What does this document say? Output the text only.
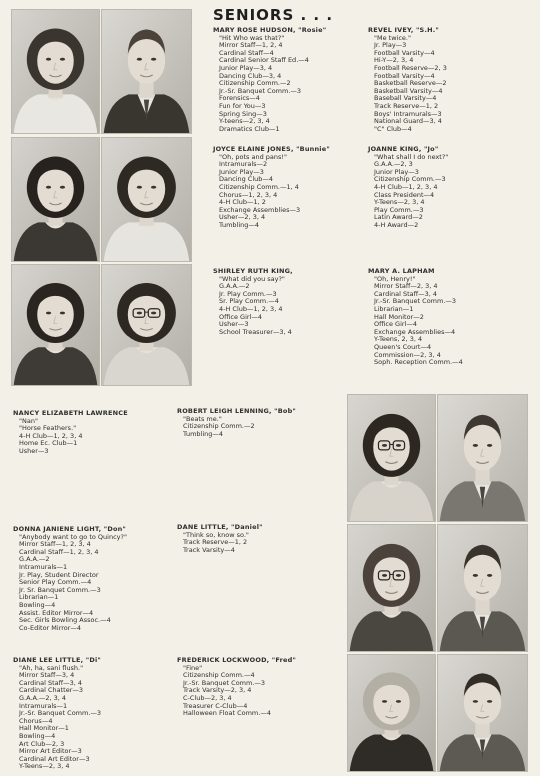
SENIORS . . .
MARY ROSE HUDSON, "Rosie"
"Hit Who was that?"
Mirror Staff—1, 2, 4
Cardinal Staff—4
Cardinal Senior Staff Ed.—4
Junior Play—3, 4
Dancing Club—3, 4
Citizenship Comm.—2
Jr.-Sr. Banquet Comm.—3
Forensics—4
Fun for You—3
Spring Sing—3
Y-teens—2, 3, 4
Dramatics Club—1
REVEL IVEY, "S.H."
"Me twice."
Jr. Play—3
Football Varsity—4
Hi-Y—2, 3, 4
Football Reserve—2, 3
Football Varsity—4
Basketball Reserve—2
Basketball Varsity—4
Baseball Varsity—4
Track Reserve—1, 2
Boys' Intramurals—3
National Guard—3, 4
"C" Club—4
JOYCE ELAINE JONES, "Bunnie"
"Oh, pots and pans!"
Intramurals—2
Junior Play—3
Dancing Club—4
Citizenship Comm.—1, 4
Chorus—1, 2, 3, 4
4-H Club—1, 2
Exchange Assemblies—3
Usher—2, 3, 4
Tumbling—4
JOANNE KING, "Jo"
"What shall I do next?"
G.A.A.—2, 3
Junior Play—3
Citizenship Comm.—3
4-H Club—1, 2, 3, 4
Class President—4
Y-Teens—2, 3, 4
Play Comm.—3
Latin Award—2
4-H Award—2
SHIRLEY RUTH KING,
"What did you say?"
G.A.A.—2
Jr. Play Comm.—3
Sr. Play Comm.—4
4-H Club—1, 2, 3, 4
Office Girl—4
Usher—3
School Treasurer—3, 4
MARY A. LAPHAM
"Oh, Henry!"
Mirror Staff—2, 3, 4
Cardinal Staff—3, 4
Jr.-Sr. Banquet Comm.—3
Librarian—1
Hall Monitor—2
Office Girl—4
Exchange Assemblies—4
Y-Teens, 2, 3, 4
Queen's Court—4
Commission—2, 3, 4
Soph. Reception Comm.—4
NANCY ELIZABETH LAWRENCE
"Nan"
"Horse Feathers."
4-H Club—1, 2, 3, 4
Home Ec. Club—1
Usher—3
ROBERT LEIGH LENNING, "Bob"
"Beats me."
Citizenship Comm.—2
Tumbling—4
DONNA JANIENE LIGHT, "Don"
"Anybody want to go to Quincy?"
Mirror Staff—1, 2, 3, 4
Cardinal Staff—1, 2, 3, 4
G.A.A.—2
Intramurals—1
Jr. Play, Student Director
Senior Play Comm.—4
Jr. Sr. Banquet Comm.—3
Librarian—1
Bowling—4
Assist. Editor Mirror—4
Sec. Girls Bowling Assoc.—4
Co-Editor Mirror—4
DANE LITTLE, "Daniel"
"Think so, know so."
Track Reserve—1, 2
Track Varsity—4
DIANE LEE LITTLE, "Di"
"Ah, ha, sani flush."
Mirror Staff—3, 4
Cardinal Staff—3, 4
Cardinal Chatter—3
G.A.A.—2, 3, 4
Intramurals—1
Jr.-Sr. Banquet Comm.—3
Chorus—4
Hall Monitor—1
Bowling—4
Art Club—2, 3
Mirror Art Editor—3
Cardinal Art Editor—3
Y-Teens—2, 3, 4
FREDERICK LOCKWOOD, "Fred"
"Fine"
Citizenship Comm.—4
Jr.-Sr. Banquet Comm.—3
Track Varsity—2, 3, 4
C-Club—2, 3, 4
Treasurer C-Club—4
Halloween Float Comm.—4
